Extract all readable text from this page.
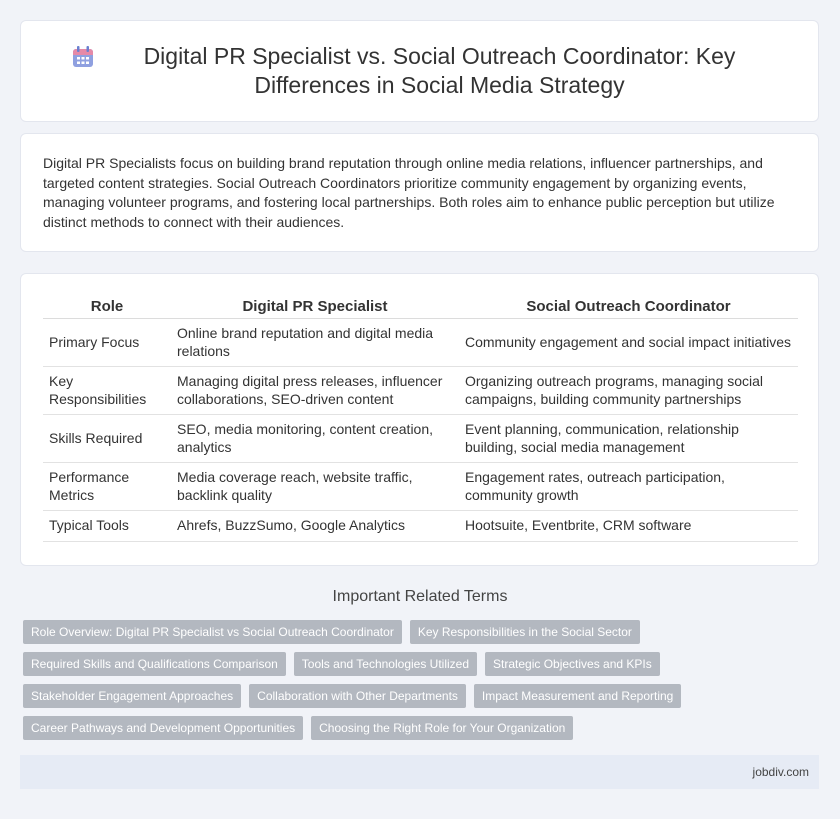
Digital PR Specialist vs. Social Outreach Coordinator: Key Differences in Social Media Strategy

Digital PR Specialists focus on building brand reputation through online media relations, influencer partnerships, and targeted content strategies. Social Outreach Coordinators prioritize community engagement by organizing events, managing volunteer programs, and fostering local partnerships. Both roles aim to enhance public perception but utilize distinct methods to connect with their audiences.

Role	Digital PR Specialist	Social Outreach Coordinator
Primary Focus	Online brand reputation and digital media relations	Community engagement and social impact initiatives
Key Responsibilities	Managing digital press releases, influencer collaborations, SEO-driven content	Organizing outreach programs, managing social campaigns, building community partnerships
Skills Required	SEO, media monitoring, content creation, analytics	Event planning, communication, relationship building, social media management
Performance Metrics	Media coverage reach, website traffic, backlink quality	Engagement rates, outreach participation, community growth
Typical Tools	Ahrefs, BuzzSumo, Google Analytics	Hootsuite, Eventbrite, CRM software
Important Related Terms
Role Overview: Digital PR Specialist vs Social Outreach Coordinator	Key Responsibilities in the Social Sector
Required Skills and Qualifications Comparison	Tools and Technologies Utilized	Strategic Objectives and KPIs
Stakeholder Engagement Approaches	Collaboration with Other Departments	Impact Measurement and Reporting
Career Pathways and Development Opportunities	Choosing the Right Role for Your Organization
jobdiv.com
